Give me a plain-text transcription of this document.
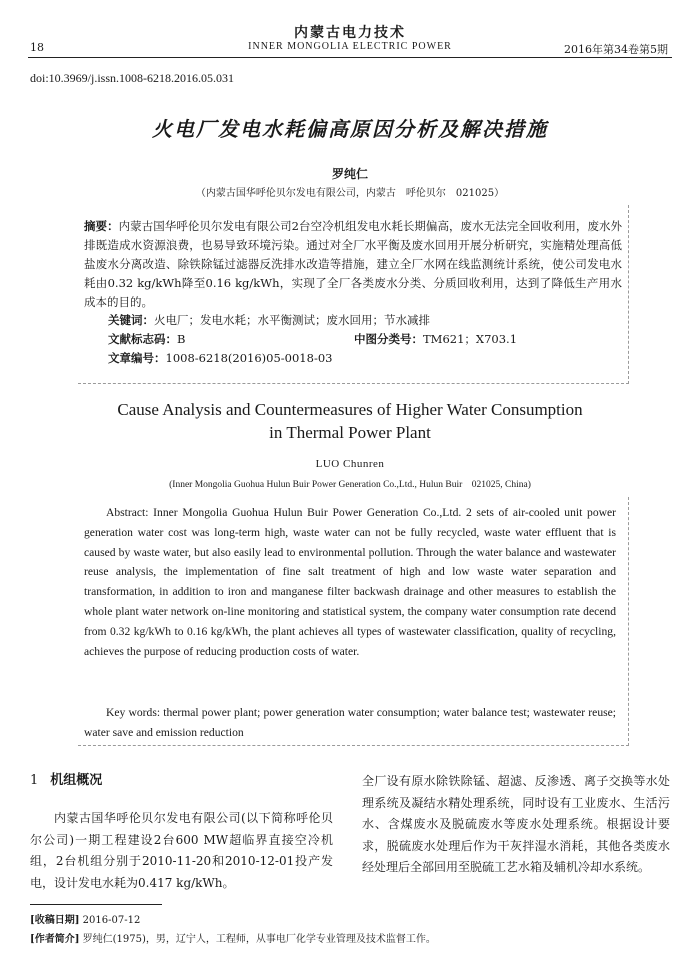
18
内蒙古电力技术
INNER MONGOLIA ELECTRIC POWER	2016年第34卷第5期
doi:10.3969/j.issn.1008-6218.2016.05.031
火电厂发电水耗偏高原因分析及解决措施
罗纯仁
（内蒙古国华呼伦贝尔发电有限公司，内蒙古　呼伦贝尔　021025）
摘要：内蒙古国华呼伦贝尔发电有限公司2台空冷机组发电水耗长期偏高，废水无法完全回收利用，废水外排既造成水资源浪费，也易导致环境污染。通过对全厂水平衡及废水回用开展分析研究，实施精处理高低盐废水分离改造、除铁除锰过滤器反洗排水改造等措施，建立全厂水网在线监测统计系统，使公司发电水耗由0.32 kg/kWh降至0.16 kg/kWh，实现了全厂各类废水分类、分质回收利用，达到了降低生产用水成本的目的。
关键词：火电厂；发电水耗；水平衡测试；废水回用；节水减排
文献标志码：B	中图分类号：TM621；X703.1
文章编号：1008-6218(2016)05-0018-03
Cause Analysis and Countermeasures of Higher Water Consumption
in Thermal Power Plant
LUO Chunren
(Inner Mongolia Guohua Hulun Buir Power Generation Co.,Ltd., Hulun Buir　021025, China)
Abstract: Inner Mongolia Guohua Hulun Buir Power Generation Co.,Ltd. 2 sets of air-cooled unit power generation water cost was long-term high, waste water can not be fully recycled, waste water effluent that is caused by waste water, but also easily lead to environmental pollution. Through the water balance and wastewater reuse analysis, the implementation of fine salt treatment of high and low waste water separation and transformation, in addition to iron and manganese filter backwash drainage and other measures to establish the whole plant water network on-line monitoring and statistical system, the company water consumption rate decend from 0.32 kg/kWh to 0.16 kg/kWh, the plant achieves all types of wastewater classification, quality of recycling, achieves the purpose of reducing production costs of water.
Key words: thermal power plant; power generation water consumption; water balance test; wastewater reuse; water save and emission reduction
1 机组概况
内蒙古国华呼伦贝尔发电有限公司(以下简称呼伦贝尔公司)一期工程建设2台600 MW超临界直接空冷机组，2台机组分别于2010-11-20和2010-12-01投产发电，设计发电水耗为0.417 kg/kWh。
全厂设有原水除铁除锰、超滤、反渗透、离子交换等水处理系统及凝结水精处理系统，同时设有工业废水、生活污水、含煤废水及脱硫废水等废水处理系统。根据设计要求，脱硫废水处理后作为干灰拌湿水消耗，其他各类废水经处理后全部回用至脱硫工艺水箱及辅机冷却水系统。
[收稿日期] 2016-07-12
[作者简介] 罗纯仁(1975)，男，辽宁人，工程师，从事电厂化学专业管理及技术监督工作。
